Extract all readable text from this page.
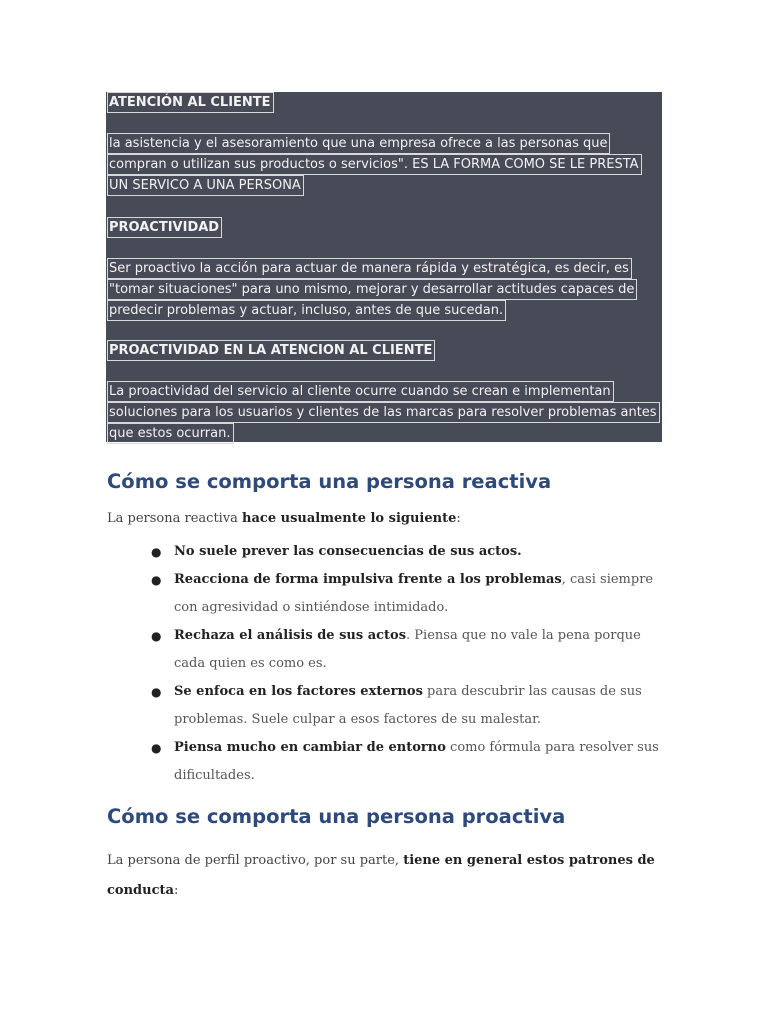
ATENCIÓN AL CLIENTE
la asistencia y el asesoramiento que una empresa ofrece a las personas que
compran o utilizan sus productos o servicios". ES LA FORMA COMO SE LE PRESTA
UN SERVICO A UNA PERSONA
PROACTIVIDAD
Ser proactivo la acción para actuar de manera rápida y estratégica, es decir, es
"tomar situaciones" para uno mismo, mejorar y desarrollar actitudes capaces de
predecir problemas y actuar, incluso, antes de que sucedan.
PROACTIVIDAD EN LA ATENCION AL CLIENTE
La proactividad del servicio al cliente ocurre cuando se crean e implementan
soluciones para los usuarios y clientes de las marcas para resolver problemas antes
que estos ocurran.
Cómo se comporta una persona reactiva
La persona reactiva hace usualmente lo siguiente:
● No suele prever las consecuencias de sus actos.
● Reacciona de forma impulsiva frente a los problemas, casi siempre
con agresividad o sintiéndose intimidado.
● Rechaza el análisis de sus actos. Piensa que no vale la pena porque
cada quien es como es.
● Se enfoca en los factores externos para descubrir las causas de sus
problemas. Suele culpar a esos factores de su malestar.
● Piensa mucho en cambiar de entorno como fórmula para resolver sus
dificultades.
Cómo se comporta una persona proactiva
La persona de perfil proactivo, por su parte, tiene en general estos patrones de
conducta:
